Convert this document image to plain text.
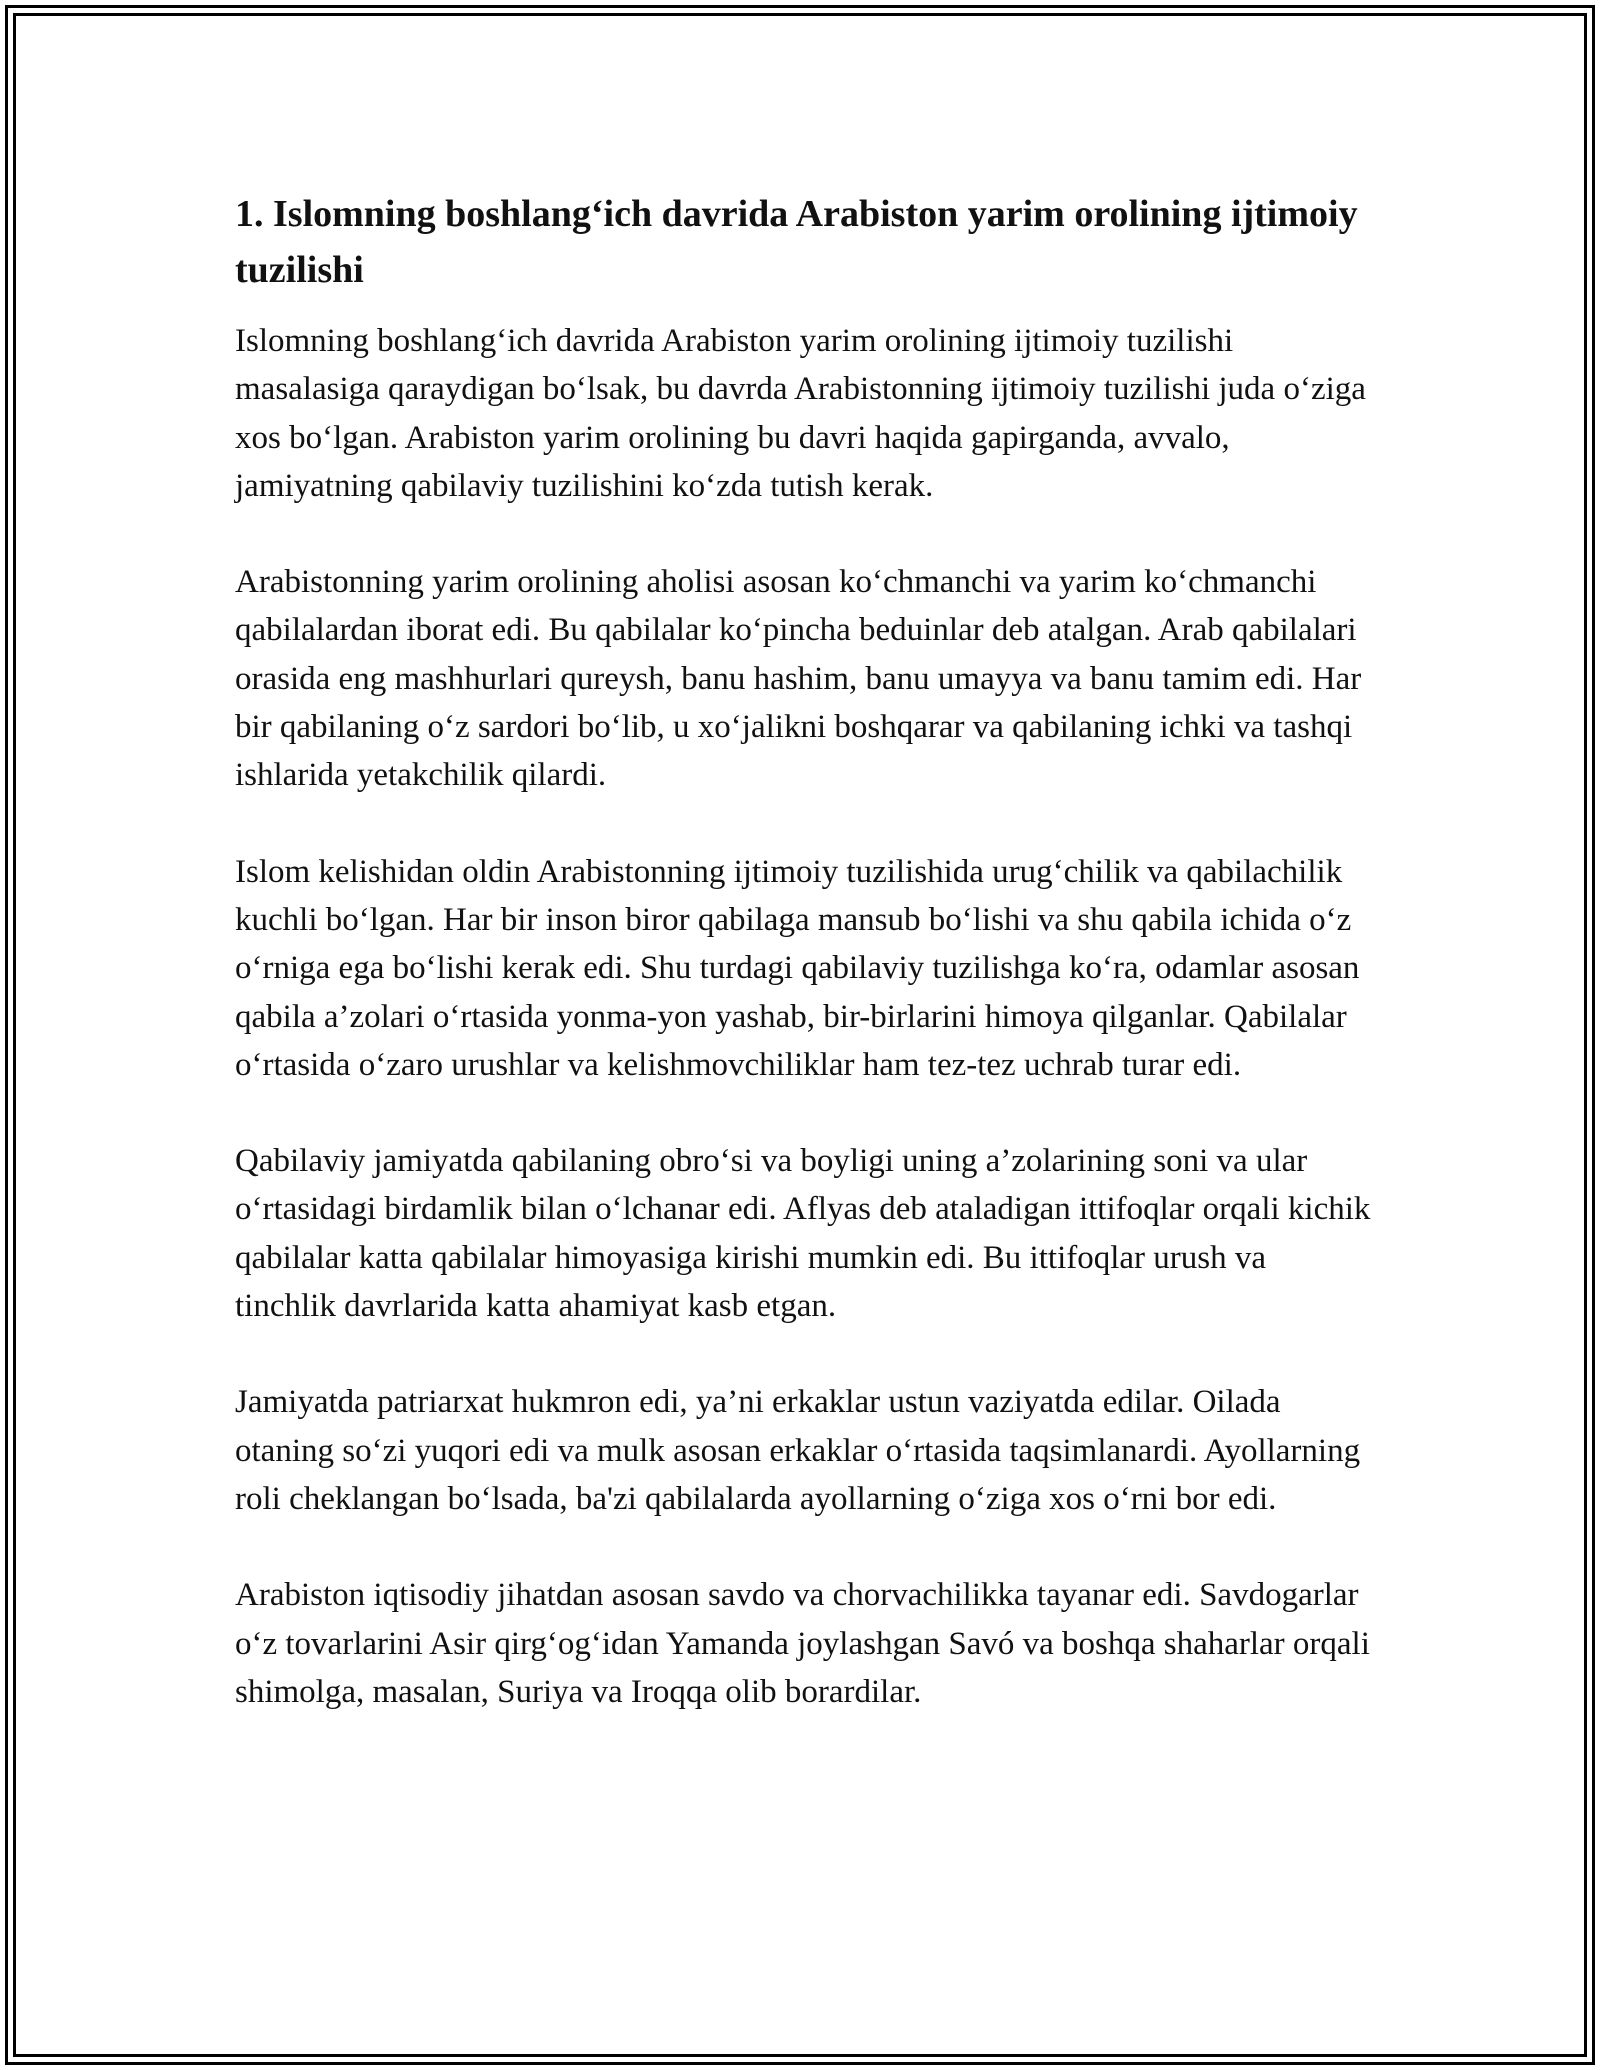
1. Islomning boshlang‘ich davrida Arabiston yarim orolining ijtimoiy tuzilishi

Islomning boshlang‘ich davrida Arabiston yarim orolining ijtimoiy tuzilishi masalasiga qaraydigan bo‘lsak, bu davrda Arabistonning ijtimoiy tuzilishi juda o‘ziga xos bo‘lgan. Arabiston yarim orolining bu davri haqida gapirganda, avvalo, jamiyatning qabilaviy tuzilishini ko‘zda tutish kerak.

Arabistonning yarim orolining aholisi asosan ko‘chmanchi va yarim ko‘chmanchi qabilalardan iborat edi. Bu qabilalar ko‘pincha beduinlar deb atalgan. Arab qabilalari orasida eng mashhurlari qureysh, banu hashim, banu umayya va banu tamim edi. Har bir qabilaning o‘z sardori bo‘lib, u xo‘jalikni boshqarar va qabilaning ichki va tashqi ishlarida yetakchilik qilardi.

Islom kelishidan oldin Arabistonning ijtimoiy tuzilishida urug‘chilik va qabilachilik kuchli bo‘lgan. Har bir inson biror qabilaga mansub bo‘lishi va shu qabila ichida o‘z o‘rniga ega bo‘lishi kerak edi. Shu turdagi qabilaviy tuzilishga ko‘ra, odamlar asosan qabila a’zolari o‘rtasida yonma-yon yashab, bir-birlarini himoya qilganlar. Qabilalar o‘rtasida o‘zaro urushlar va kelishmovchiliklar ham tez-tez uchrab turar edi.

Qabilaviy jamiyatda qabilaning obro‘si va boyligi uning a’zolarining soni va ular o‘rtasidagi birdamlik bilan o‘lchanar edi. Aflyas deb ataladigan ittifoqlar orqali kichik qabilalar katta qabilalar himoyasiga kirishi mumkin edi. Bu ittifoqlar urush va tinchlik davrlarida katta ahamiyat kasb etgan.

Jamiyatda patriarxat hukmron edi, ya’ni erkaklar ustun vaziyatda edilar. Oilada otaning so‘zi yuqori edi va mulk asosan erkaklar o‘rtasida taqsimlanardi. Ayollarning roli cheklangan bo‘lsada, ba'zi qabilalarda ayollarning o‘ziga xos o‘rni bor edi.

Arabiston iqtisodiy jihatdan asosan savdo va chorvachilikka tayanar edi. Savdogarlar o‘z tovarlarini Asir qirg‘og‘idan Yamanda joylashgan Savó va boshqa shaharlar orqali shimolga, masalan, Suriya va Iroqqa olib borardilar.
